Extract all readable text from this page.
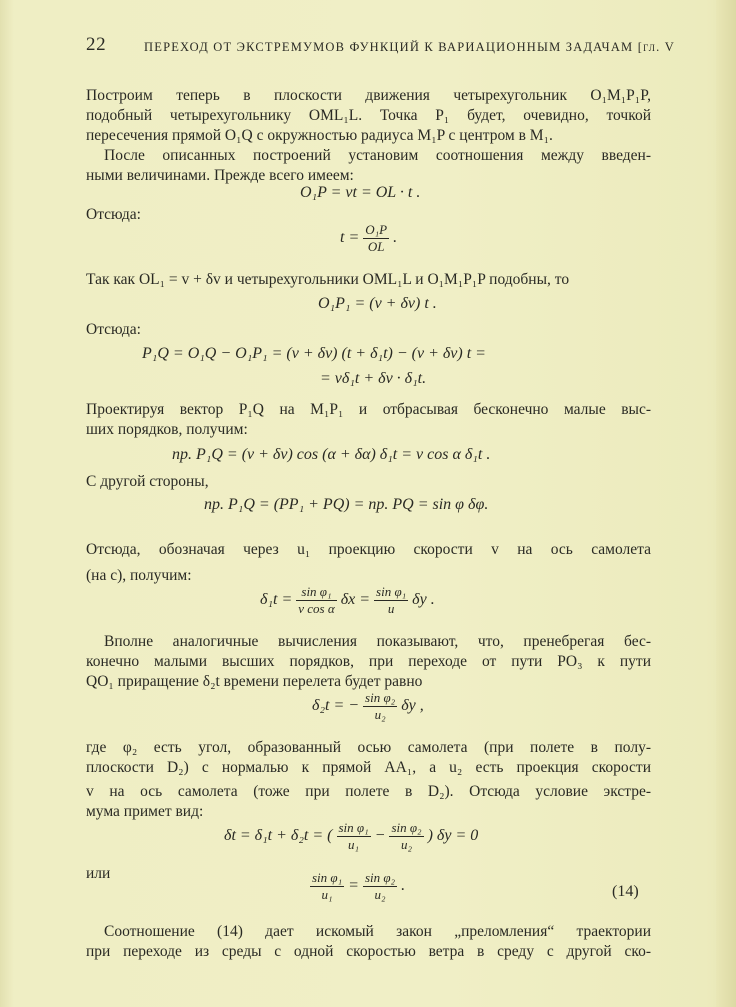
22	ПЕРЕХОД ОТ ЭКСТРЕМУМОВ ФУНКЦИЙ К ВАРИАЦИОННЫМ ЗАДАЧАМ [гл. V
Построим теперь в плоскости движения четырехугольник O₁M₁P₁P,
подобный четырехугольнику OML₁L. Точка P₁ будет, очевидно, точкой
пересечения прямой O₁Q с окружностью радиуса M₁P с центром в M₁.
После описанных построений установим соотношения между введен-
ными величинами. Прежде всего имеем:
O₁P = vt = OL · t .
Отсюда:
$t = \frac{\text{O₁P}}{OL}$ .
Так как OL₁ = v + δv и четырехугольники OML₁L и O₁M₁P₁P подобны, то
O₁P₁ = (v + δv) t .
Отсюда:
P₁Q = O₁Q − O₁P₁ = (v + δv) (t + δ₁t) − (v + δv) t =
= vδ₁t + δv · δ₁t.
Проектируя вектор P₁Q на M₁P₁ и отбрасывая бесконечно малые выс-
ших порядков, получим:
пр. P₁Q = (v + δv) cos (α + δα) δ₁t = v cos α δ₁t .
С другой стороны,
пр. P₁Q = (PP₁ + PQ) = пр. PQ = sin φ δφ.
Отсюда, обозначая через u₁ проекцию скорости v на ось самолета
(на c), получим:
$\delta_1t = \frac{\text{sin φ₁}}{\text{v cos α}}$ $\delta x = \frac{\text{sin φ₁}}{u}$ δy .
Вполне аналогичные вычисления показывают, что, пренебрегая бес-
конечно малыми высших порядков, при переходе от пути PO₃ к пути
QO₁ приращение δ₂t времени перелета будет равно
δ₂t = − $\frac{\text{sin φ₂}}{\text{u₂}}$ δy ,
где φ₂ есть угол, образованный осью самолета (при полете в полу-
плоскости D₂) с нормалью к прямой AA₁, а u₂ есть проекция скорости
v на ось самолета (тоже при полете в D₂). Отсюда условие экстре-
мума примет вид:
δt = δ₁t + δ₂t = ( $\frac{\text{sin φ₁}}{\text{u₁}} - \frac{\text{sin φ₂}}{\text{u₂}}$ ) δy = 0
или	$\frac{\text{sin φ₁}}{\text{u₁}} = \frac{\text{sin φ₂}}{\text{u₂}}$ .	(14)
Соотношение (14) дает искомый закон „преломления“ траектории
при переходе из среды с одной скоростью ветра в среду с другой ско-
